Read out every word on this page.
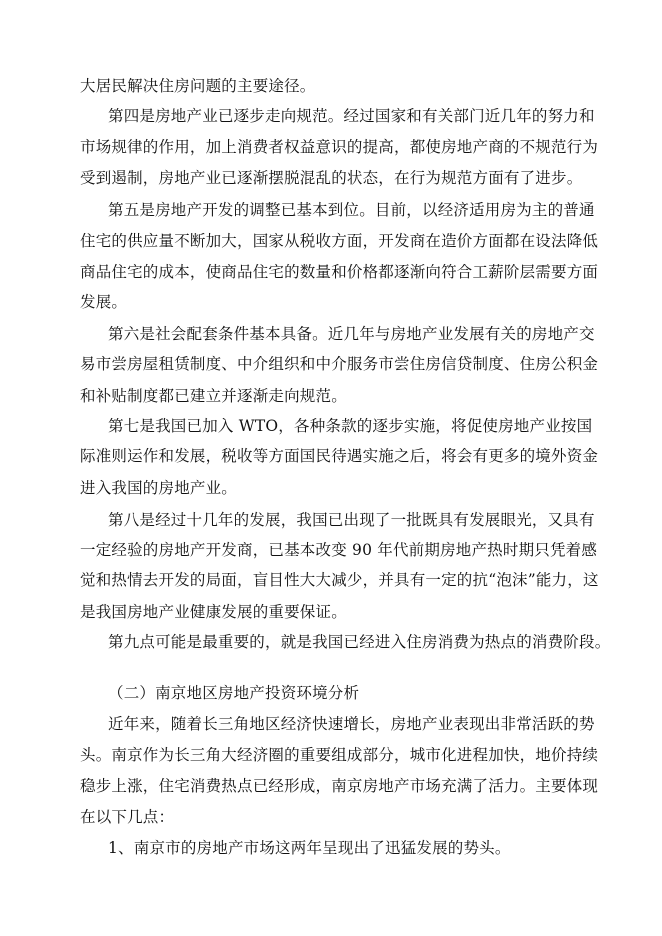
大居民解决住房问题的主要途径。
第四是房地产业已逐步走向规范。经过国家和有关部门近几年的努力和
市场规律的作用，加上消费者权益意识的提高，都使房地产商的不规范行为
受到遏制，房地产业已逐渐摆脱混乱的状态，在行为规范方面有了进步。
第五是房地产开发的调整已基本到位。目前，以经济适用房为主的普通
住宅的供应量不断加大，国家从税收方面，开发商在造价方面都在设法降低
商品住宅的成本，使商品住宅的数量和价格都逐渐向符合工薪阶层需要方面
发展。
第六是社会配套条件基本具备。近几年与房地产业发展有关的房地产交
易市尝房屋租赁制度、中介组织和中介服务市尝住房信贷制度、住房公积金
和补贴制度都已建立并逐渐走向规范。
第七是我国已加入 WTO，各种条款的逐步实施，将促使房地产业按国
际准则运作和发展，税收等方面国民待遇实施之后，将会有更多的境外资金
进入我国的房地产业。
第八是经过十几年的发展，我国已出现了一批既具有发展眼光，又具有
一定经验的房地产开发商，已基本改变 90 年代前期房地产热时期只凭着感
觉和热情去开发的局面，盲目性大大减少，并具有一定的抗“泡沫”能力，这
是我国房地产业健康发展的重要保证。
第九点可能是最重要的，就是我国已经进入住房消费为热点的消费阶段。
（二）南京地区房地产投资环境分析
近年来，随着长三角地区经济快速增长，房地产业表现出非常活跃的势
头。南京作为长三角大经济圈的重要组成部分，城市化进程加快，地价持续
稳步上涨，住宅消费热点已经形成，南京房地产市场充满了活力。主要体现
在以下几点：
1、南京市的房地产市场这两年呈现出了迅猛发展的势头。
